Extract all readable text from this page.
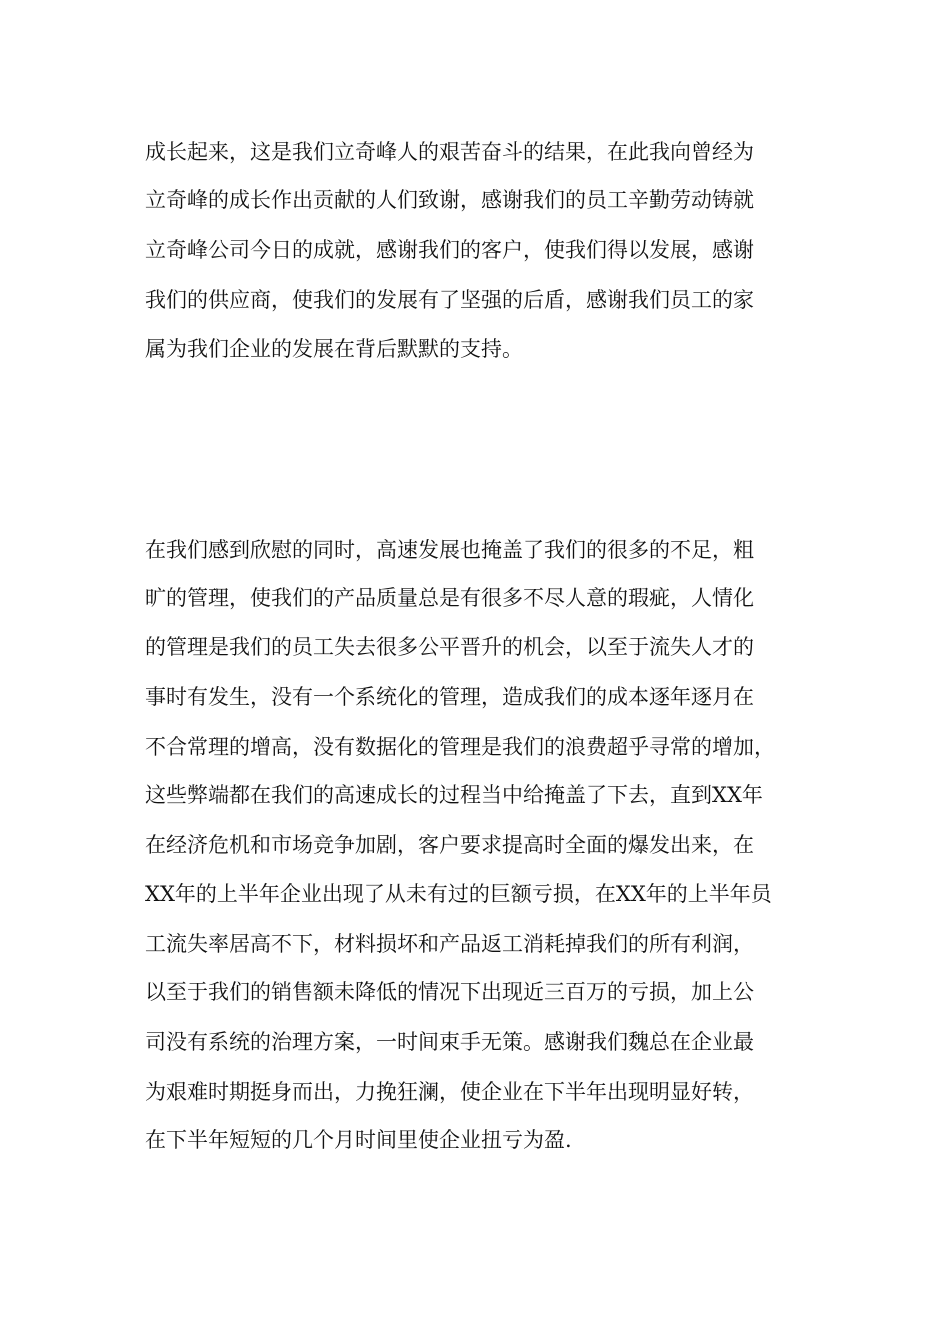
成长起来，这是我们立奇峰人的艰苦奋斗的结果，在此我向曾经为

立奇峰的成长作出贡献的人们致谢，感谢我们的员工辛勤劳动铸就

立奇峰公司今日的成就，感谢我们的客户，使我们得以发展，感谢

我们的供应商，使我们的发展有了坚强的后盾，感谢我们员工的家

属为我们企业的发展在背后默默的支持。

在我们感到欣慰的同时，高速发展也掩盖了我们的很多的不足，粗

旷的管理，使我们的产品质量总是有很多不尽人意的瑕疵，人情化

的管理是我们的员工失去很多公平晋升的机会，以至于流失人才的

事时有发生，没有一个系统化的管理，造成我们的成本逐年逐月在

不合常理的增高，没有数据化的管理是我们的浪费超乎寻常的增加，

这些弊端都在我们的高速成长的过程当中给掩盖了下去，直到XX年

在经济危机和市场竞争加剧，客户要求提高时全面的爆发出来，在

XX年的上半年企业出现了从未有过的巨额亏损，在XX年的上半年员

工流失率居高不下，材料损坏和产品返工消耗掉我们的所有利润，

以至于我们的销售额未降低的情况下出现近三百万的亏损，加上公

司没有系统的治理方案，一时间束手无策。感谢我们魏总在企业最

为艰难时期挺身而出，力挽狂澜，使企业在下半年出现明显好转，

在下半年短短的几个月时间里使企业扭亏为盈.
